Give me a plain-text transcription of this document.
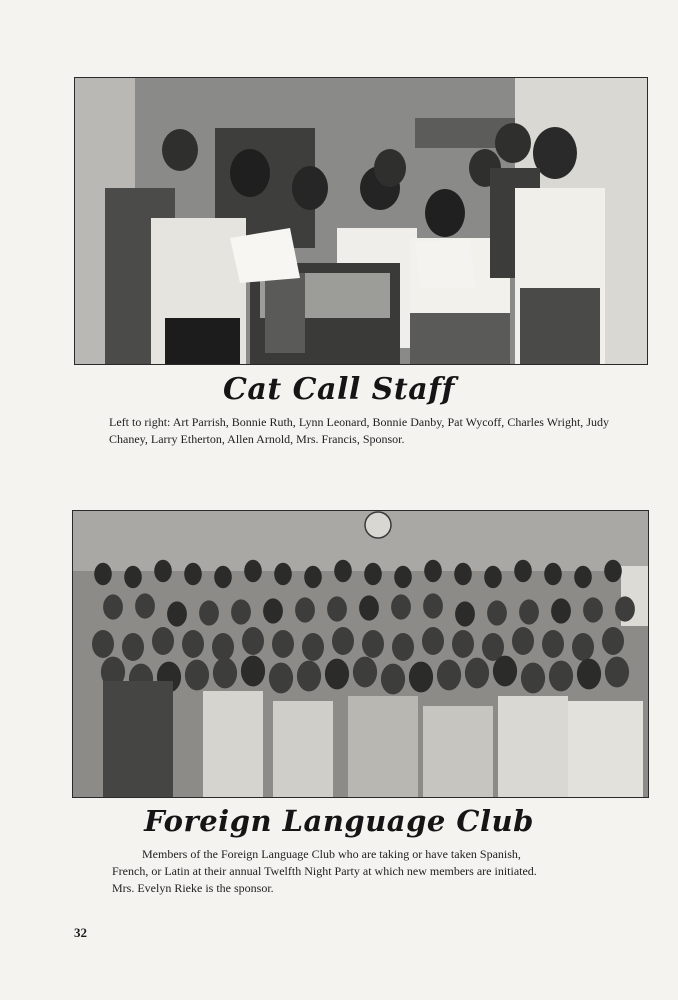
Cat Call Staff
Left to right: Art Parrish, Bonnie Ruth, Lynn Leonard, Bonnie Danby, Pat Wycoff, Charles Wright, Judy Chaney, Larry Etherton, Allen Arnold, Mrs. Francis, Sponsor.
Foreign Language Club
Members of the Foreign Language Club who are taking or have taken Spanish,
French, or Latin at their annual Twelfth Night Party at which new members are initiated.
Mrs. Evelyn Rieke is the sponsor.
32
